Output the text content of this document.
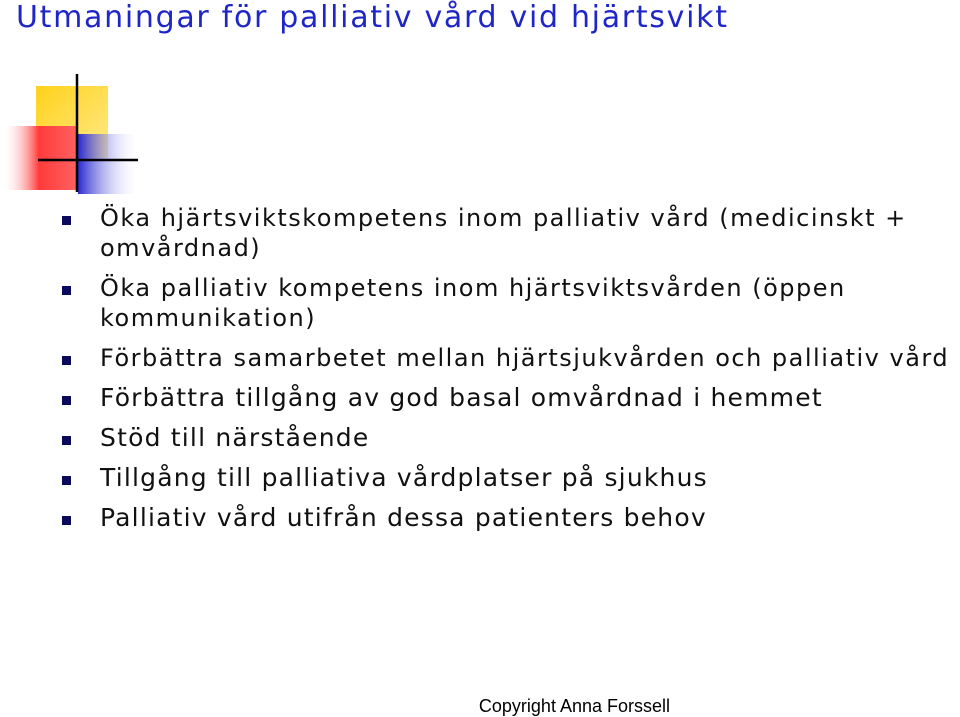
Utmaningar för palliativ vård vid hjärtsvikt
Öka hjärtsviktskompetens inom palliativ vård (medicinskt + omvårdnad)
Öka palliativ kompetens inom hjärtsviktsvården (öppen kommunikation)
Förbättra samarbetet mellan hjärtsjukvården och palliativ vård
Förbättra tillgång av god basal omvårdnad i hemmet
Stöd till närstående
Tillgång till palliativa vårdplatser på sjukhus
Palliativ vård utifrån dessa patienters behov
Copyright Anna Forssell
